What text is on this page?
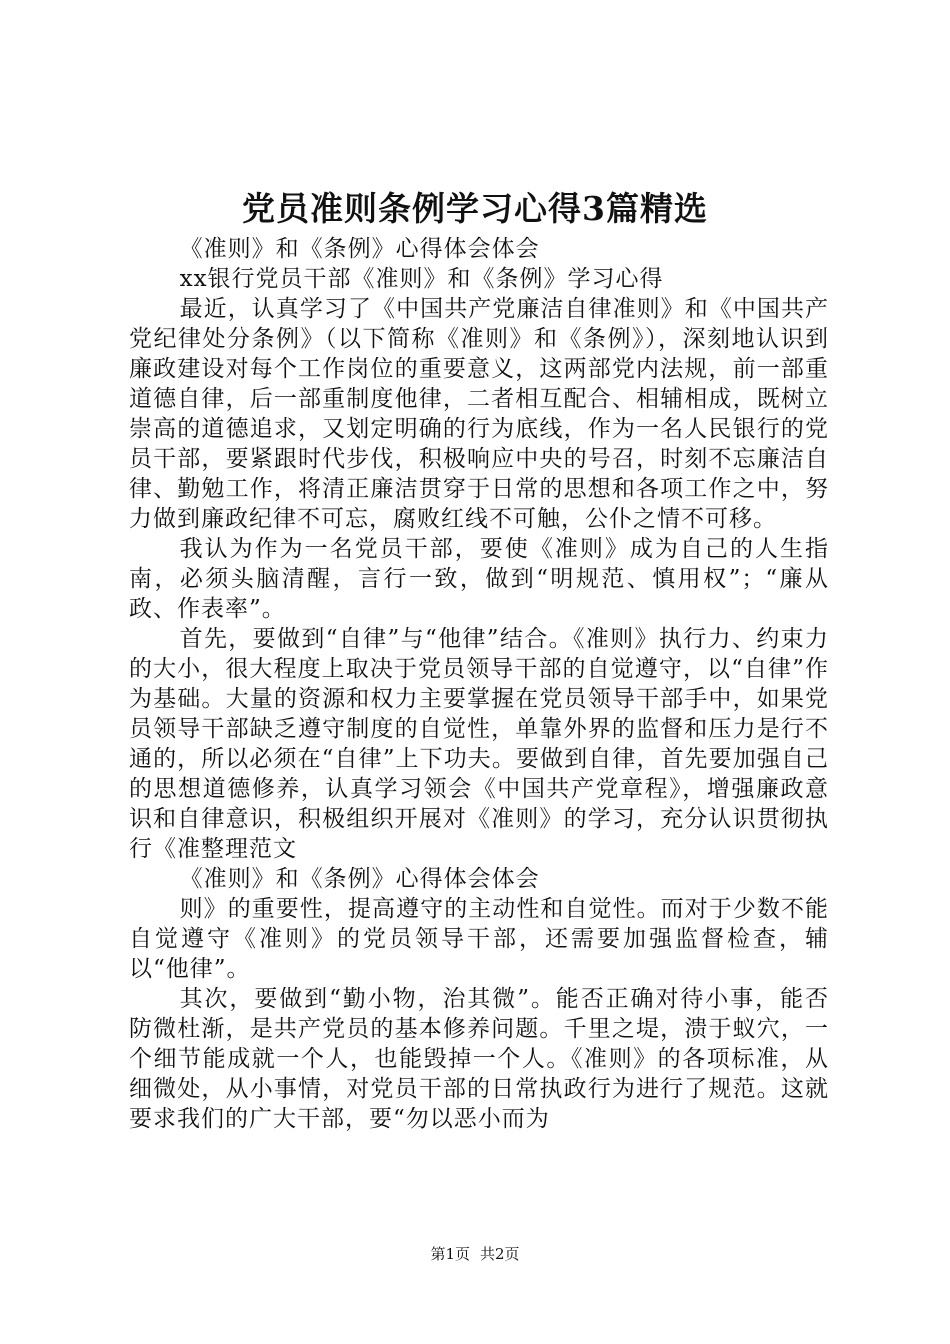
党员准则条例学习心得3篇精选

《准则》和《条例》心得体会体会

xx银行党员干部《准则》和《条例》学习心得

最近，认真学习了《中国共产党廉洁自律准则》和《中国共产党纪律处分条例》（以下简称《准则》和《条例》），深刻地认识到廉政建设对每个工作岗位的重要意义，这两部党内法规，前一部重道德自律，后一部重制度他律，二者相互配合、相辅相成，既树立崇高的道德追求，又划定明确的行为底线，作为一名人民银行的党员干部，要紧跟时代步伐，积极响应中央的号召，时刻不忘廉洁自律、勤勉工作，将清正廉洁贯穿于日常的思想和各项工作之中，努力做到廉政纪律不可忘，腐败红线不可触，公仆之情不可移。

我认为作为一名党员干部，要使《准则》成为自己的人生指南，必须头脑清醒，言行一致，做到“明规范、慎用权”；“廉从政、作表率”。

首先，要做到“自律”与“他律”结合。《准则》执行力、约束力的大小，很大程度上取决于党员领导干部的自觉遵守，以“自律”作为基础。大量的资源和权力主要掌握在党员领导干部手中，如果党员领导干部缺乏遵守制度的自觉性，单靠外界的监督和压力是行不通的，所以必须在“自律”上下功夫。要做到自律，首先要加强自己的思想道德修养，认真学习领会《中国共产党章程》，增强廉政意识和自律意识，积极组织开展对《准则》的学习，充分认识贯彻执行《准整理范文

《准则》和《条例》心得体会体会

则》的重要性，提高遵守的主动性和自觉性。而对于少数不能自觉遵守《准则》的党员领导干部，还需要加强监督检查，辅以“他律”。

其次，要做到“勤小物，治其微”。能否正确对待小事，能否防微杜渐，是共产党员的基本修养问题。千里之堤，溃于蚁穴，一个细节能成就一个人，也能毁掉一个人。《准则》的各项标准，从细微处，从小事情，对党员干部的日常执政行为进行了规范。这就要求我们的广大干部，要“勿以恶小而为

第1页 共2页
